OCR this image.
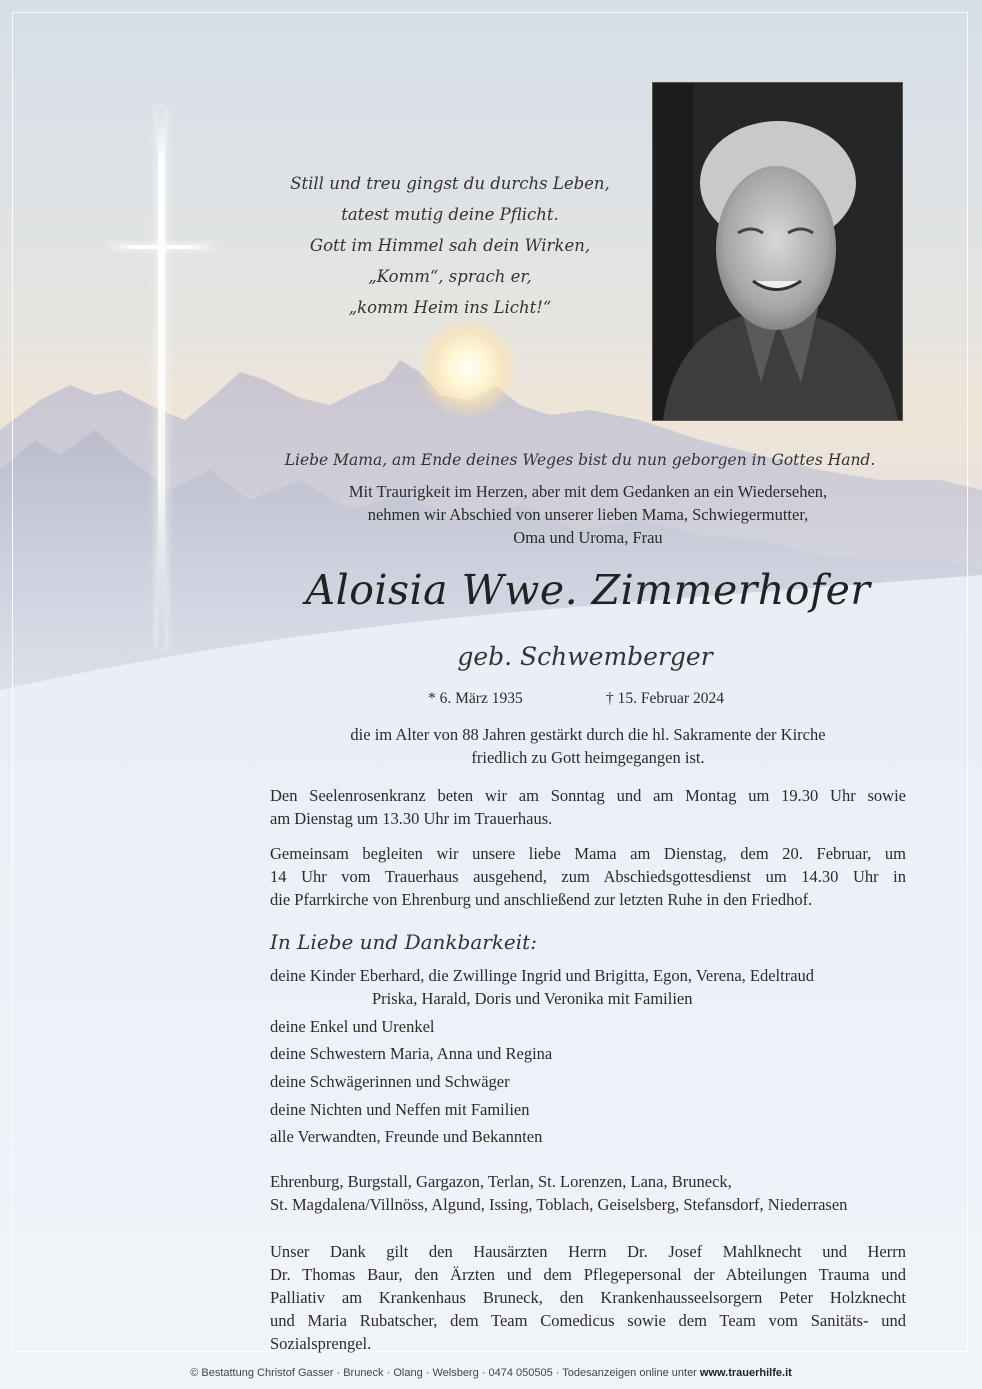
Still und treu gingst du durchs Leben,
tatest mutig deine Pflicht.
Gott im Himmel sah dein Wirken,
„Komm“, sprach er,
„komm Heim ins Licht!“
Liebe Mama, am Ende deines Weges bist du nun geborgen in Gottes Hand.
Mit Traurigkeit im Herzen, aber mit dem Gedanken an ein Wiedersehen,
nehmen wir Abschied von unserer lieben Mama, Schwiegermutter,
Oma und Uroma, Frau
Aloisia Wwe. Zimmerhofer
geb. Schwemberger
* 6. März 1935	† 15. Februar 2024
die im Alter von 88 Jahren gestärkt durch die hl. Sakramente der Kirche
friedlich zu Gott heimgegangen ist.
Den Seelenrosenkranz beten wir am Sonntag und am Montag um 19.30 Uhr sowie
am Dienstag um 13.30 Uhr im Trauerhaus.
Gemeinsam begleiten wir unsere liebe Mama am Dienstag, dem 20. Februar, um
14 Uhr vom Trauerhaus ausgehend, zum Abschiedsgottesdienst um 14.30 Uhr in
die Pfarrkirche von Ehrenburg und anschließend zur letzten Ruhe in den Friedhof.
In Liebe und Dankbarkeit:
deine Kinder Eberhard, die Zwillinge Ingrid und Brigitta, Egon, Verena, Edeltraud
Priska, Harald, Doris und Veronika mit Familien
deine Enkel und Urenkel
deine Schwestern Maria, Anna und Regina
deine Schwägerinnen und Schwäger
deine Nichten und Neffen mit Familien
alle Verwandten, Freunde und Bekannten
Ehrenburg, Burgstall, Gargazon, Terlan, St. Lorenzen, Lana, Bruneck,
St. Magdalena/Villnöss, Algund, Issing, Toblach, Geiselsberg, Stefansdorf, Niederrasen
Unser Dank gilt den Hausärzten Herrn Dr. Josef Mahlknecht und Herrn
Dr. Thomas Baur, den Ärzten und dem Pflegepersonal der Abteilungen Trauma und
Palliativ am Krankenhaus Bruneck, den Krankenhausseelsorgern Peter Holzknecht
und Maria Rubatscher, dem Team Comedicus sowie dem Team vom Sanitäts- und
Sozialsprengel.
© Bestattung Christof Gasser · Bruneck · Olang · Welsberg · 0474 050505 · Todesanzeigen online unter www.trauerhilfe.it
